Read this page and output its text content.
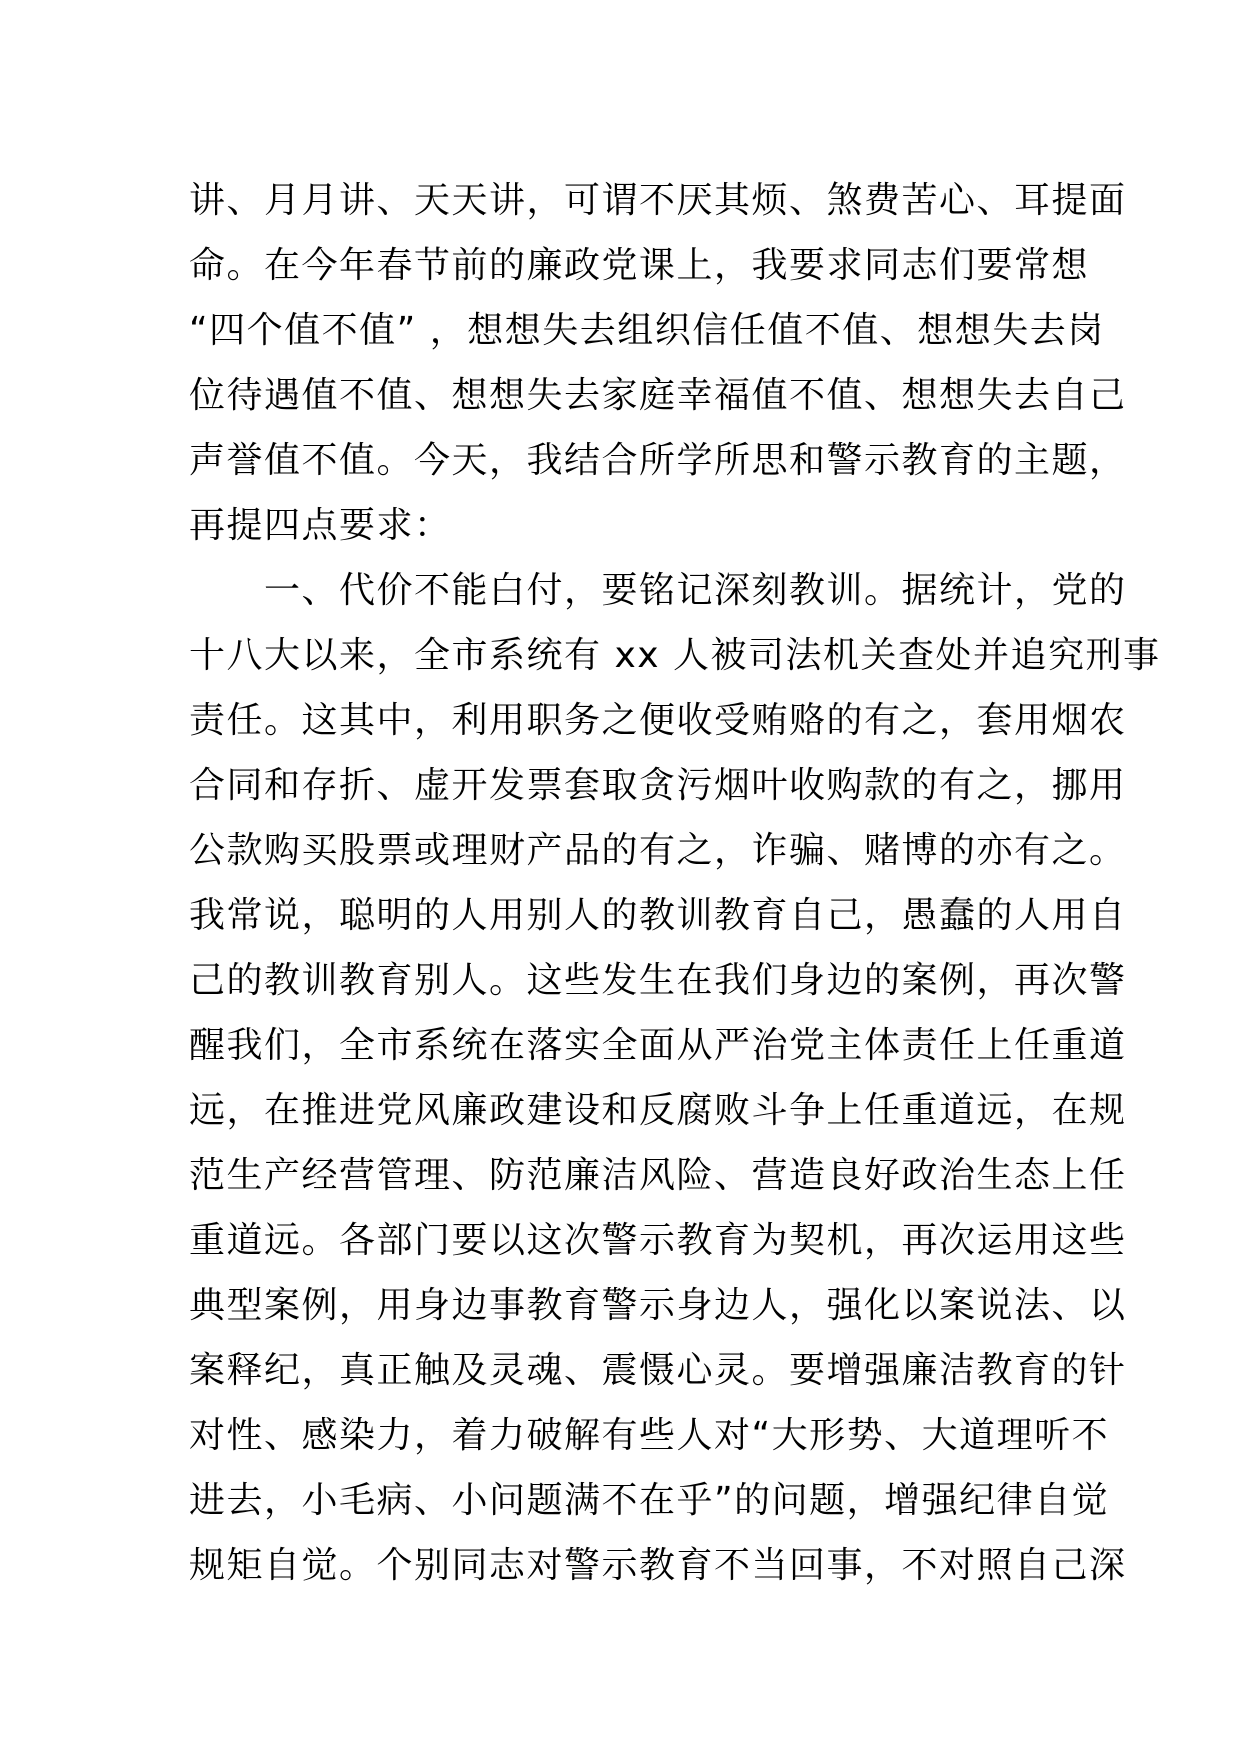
讲、月月讲、天天讲，可谓不厌其烦、煞费苦心、耳提面
命。在今年春节前的廉政党课上，我要求同志们要常想
“四个值不值” ，想想失去组织信任值不值、想想失去岗
位待遇值不值、想想失去家庭幸福值不值、想想失去自己
声誉值不值。今天，我结合所学所思和警示教育的主题，
再提四点要求：
　　一、代价不能白付，要铭记深刻教训。据统计，党的
十八大以来，全市系统有 xx 人被司法机关查处并追究刑事
责任。这其中，利用职务之便收受贿赂的有之，套用烟农
合同和存折、虚开发票套取贪污烟叶收购款的有之，挪用
公款购买股票或理财产品的有之，诈骗、赌博的亦有之。
我常说，聪明的人用别人的教训教育自己，愚蠢的人用自
己的教训教育别人。这些发生在我们身边的案例，再次警
醒我们，全市系统在落实全面从严治党主体责任上任重道
远，在推进党风廉政建设和反腐败斗争上任重道远，在规
范生产经营管理、防范廉洁风险、营造良好政治生态上任
重道远。各部门要以这次警示教育为契机，再次运用这些
典型案例，用身边事教育警示身边人，强化以案说法、以
案释纪，真正触及灵魂、震慑心灵。要增强廉洁教育的针
对性、感染力，着力破解有些人对“大形势、大道理听不
进去，小毛病、小问题满不在乎”的问题，增强纪律自觉
规矩自觉。个别同志对警示教育不当回事，不对照自己深
